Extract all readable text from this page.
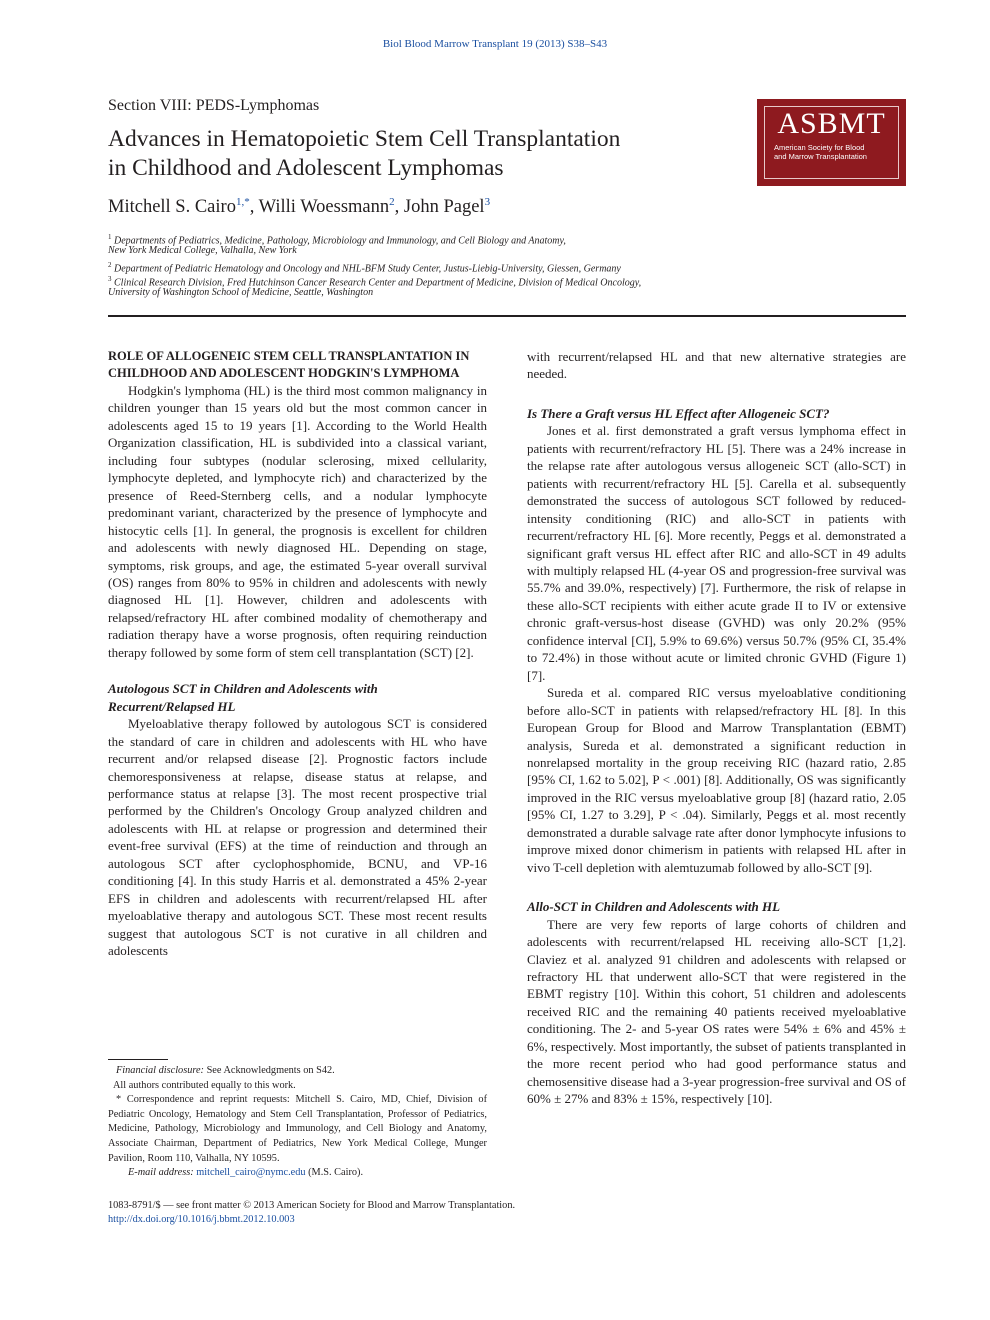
Biol Blood Marrow Transplant 19 (2013) S38–S43
Section VIII: PEDS-Lymphomas
Advances in Hematopoietic Stem Cell Transplantation
in Childhood and Adolescent Lymphomas
ASBMT
American Society for Blood
and Marrow Transplantation
Mitchell S. Cairo$^{1,*}$, Willi Woessmann$^2$, John Pagel$^3$
$^1$ Departments of Pediatrics, Medicine, Pathology, Microbiology and Immunology, and Cell Biology and Anatomy,
New York Medical College, Valhalla, New York
$^2$ Department of Pediatric Hematology and Oncology and NHL-BFM Study Center, Justus-Liebig-University, Giessen, Germany
$^3$ Clinical Research Division, Fred Hutchinson Cancer Research Center and Department of Medicine, Division of Medical Oncology,
University of Washington School of Medicine, Seattle, Washington
ROLE OF ALLOGENEIC STEM CELL TRANSPLANTATION IN CHILDHOOD AND ADOLESCENT HODGKIN'S LYMPHOMA

Hodgkin's lymphoma (HL) is the third most common malignancy in children younger than 15 years old but the most common cancer in adolescents aged 15 to 19 years [1]. According to the World Health Organization classification, HL is subdivided into a classical variant, including four subtypes (nodular sclerosing, mixed cellularity, lymphocyte depleted, and lymphocyte rich) and characterized by the presence of Reed-Sternberg cells, and a nodular lymphocyte predominant variant, characterized by the presence of lymphocyte and histocytic cells [1]. In general, the prognosis is excellent for children and adolescents with newly diagnosed HL. Depending on stage, symptoms, risk groups, and age, the estimated 5-year overall survival (OS) ranges from 80% to 95% in children and adolescents with newly diagnosed HL [1]. However, children and adolescents with relapsed/refractory HL after combined modality of chemotherapy and radiation therapy have a worse prognosis, often requiring reinduction therapy followed by some form of stem cell transplantation (SCT) [2].

Autologous SCT in Children and Adolescents with Recurrent/Relapsed HL

Myeloablative therapy followed by autologous SCT is considered the standard of care in children and adolescents with HL who have recurrent and/or relapsed disease [2]. Prognostic factors include chemoresponsiveness at relapse, disease status at relapse, and performance status at relapse [3]. The most recent prospective trial performed by the Children's Oncology Group analyzed children and adolescents with HL at relapse or progression and determined their event-free survival (EFS) at the time of reinduction and through an autologous SCT after cyclophosphomide, BCNU, and VP-16 conditioning [4]. In this study Harris et al. demonstrated a 45% 2-year EFS in children and adolescents with recurrent/relapsed HL after myeloablative therapy and autologous SCT. These most recent results suggest that autologous SCT is not curative in all children and adolescents

with recurrent/relapsed HL and that new alternative strategies are needed.

Is There a Graft versus HL Effect after Allogeneic SCT?

Jones et al. first demonstrated a graft versus lymphoma effect in patients with recurrent/refractory HL [5]. There was a 24% increase in the relapse rate after autologous versus allogeneic SCT (allo-SCT) in patients with recurrent/refractory HL [5]. Carella et al. subsequently demonstrated the success of autologous SCT followed by reduced-intensity conditioning (RIC) and allo-SCT in patients with recurrent/refractory HL [6]. More recently, Peggs et al. demonstrated a significant graft versus HL effect after RIC and allo-SCT in 49 adults with multiply relapsed HL (4-year OS and progression-free survival was 55.7% and 39.0%, respectively) [7]. Furthermore, the risk of relapse in these allo-SCT recipients with either acute grade II to IV or extensive chronic graft-versus-host disease (GVHD) was only 20.2% (95% confidence interval [CI], 5.9% to 69.6%) versus 50.7% (95% CI, 35.4% to 72.4%) in those without acute or limited chronic GVHD (Figure 1) [7].

Sureda et al. compared RIC versus myeloablative conditioning before allo-SCT in patients with relapsed/refractory HL [8]. In this European Group for Blood and Marrow Transplantation (EBMT) analysis, Sureda et al. demonstrated a significant reduction in nonrelapsed mortality in the group receiving RIC (hazard ratio, 2.85 [95% CI, 1.62 to 5.02], P < .001) [8]. Additionally, OS was significantly improved in the RIC versus myeloablative group [8] (hazard ratio, 2.05 [95% CI, 1.27 to 3.29], P < .04). Similarly, Peggs et al. most recently demonstrated a durable salvage rate after donor lymphocyte infusions to improve mixed donor chimerism in patients with relapsed HL after in vivo T-cell depletion with alemtuzumab followed by allo-SCT [9].

Allo-SCT in Children and Adolescents with HL

There are very few reports of large cohorts of children and adolescents with recurrent/relapsed HL receiving allo-SCT [1,2]. Claviez et al. analyzed 91 children and adolescents with relapsed or refractory HL that underwent allo-SCT that were registered in the EBMT registry [10]. Within this cohort, 51 children and adolescents received RIC and the remaining 40 patients received myeloablative conditioning. The 2- and 5-year OS rates were 54% ± 6% and 45% ± 6%, respectively. Most importantly, the subset of patients transplanted in the more recent period who had good performance status and chemosensitive disease had a 3-year progression-free survival and OS of 60% ± 27% and 83% ± 15%, respectively [10].

Financial disclosure: See Acknowledgments on S42.

All authors contributed equally to this work.

* Correspondence and reprint requests: Mitchell S. Cairo, MD, Chief, Division of Pediatric Oncology, Hematology and Stem Cell Transplantation, Professor of Pediatrics, Medicine, Pathology, Microbiology and Immunology, and Cell Biology and Anatomy, Associate Chairman, Department of Pediatrics, New York Medical College, Munger Pavilion, Room 110, Valhalla, NY 10595.

E-mail address: mitchell_cairo@nymc.edu (M.S. Cairo).

1083-8791/$ — see front matter © 2013 American Society for Blood and Marrow Transplantation.
http://dx.doi.org/10.1016/j.bbmt.2012.10.003
